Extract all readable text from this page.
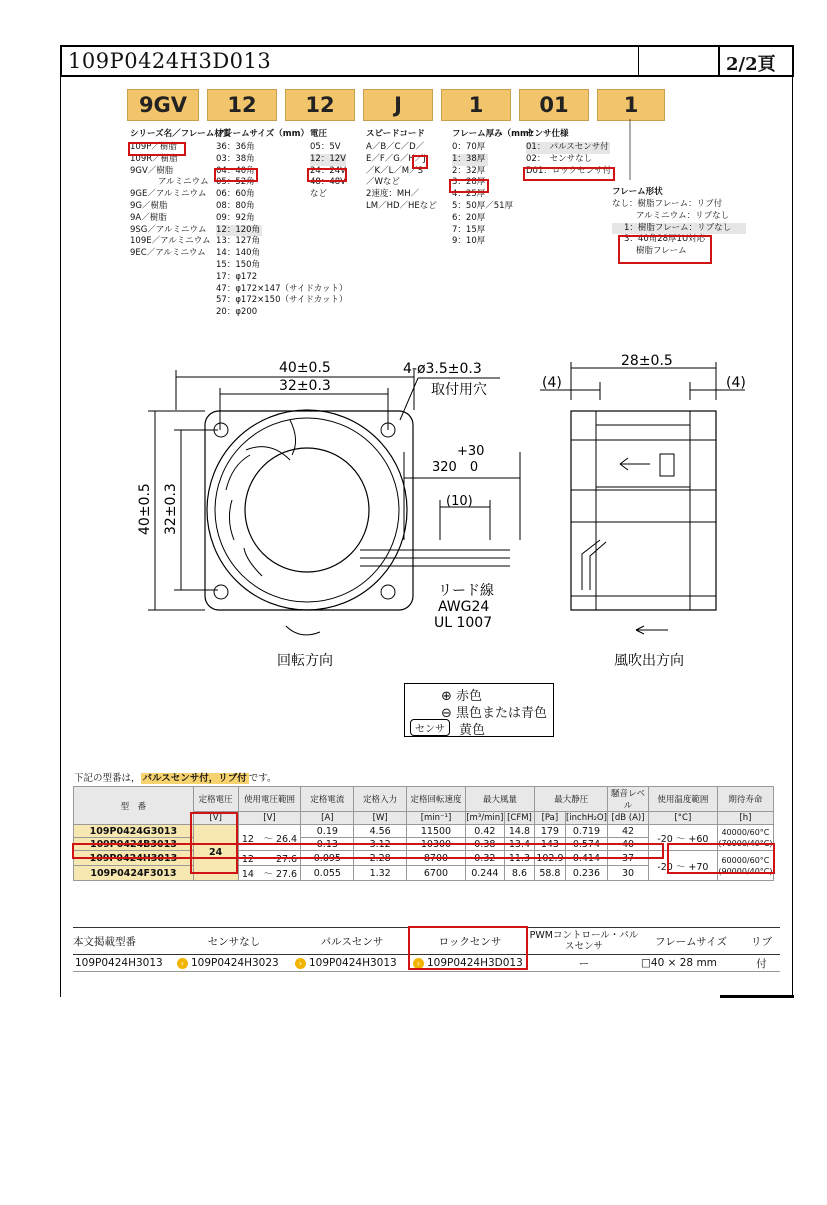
109P0424H3D013	2/2頁
9GV	12	12	J	1	01	1
シリーズ名／フレーム材質
フレームサイズ（mm） 電圧	スピードコード	フレーム厚み（mm）
センサ仕様
109P／樹脂
109R／樹脂
9GV／樹脂
アルミニウム
9GE／アルミニウム
9G／樹脂
9A／樹脂
9SG／アルミニウム
109E／アルミニウム
9EC／アルミニウム
36：36角
03：38角
04：40角
05：52角
06：60角
08：80角
09：92角
12：120角
13：127角
14：140角
15：150角
17：φ172
47：φ172×147（サイドカット）
57：φ172×150（サイドカット）
20：φ200
05：5V
12：12V
24：24V
48：48V
など
A／B／C／D／
E／F／G／H／J
／K／L／M／S
／Wなど
2速度：MH／
LM／HD／HEなど
0：70厚
1：38厚
2：32厚
3：28厚
4：25厚
5：50厚／51厚
6：20厚
7：15厚
9：10厚
01：　パルスセンサ付
02：　センサなし
D01：ロックセンサ付
フレーム形状
なし：樹脂フレーム：リブ付
アルミニウム：リブなし
1：樹脂フレーム：リブなし
3：40角28厚1U対応
樹脂フレーム
40±0.5
32±0.3
40±0.5 32±0.3
4-ø3.5±0.3
取付用穴
+30
320　0
(10)
リード線
AWG24
UL 1007
回転方向
28±0.5
(4)	(4)
風吹出方向
⊕ 赤色
⊖ 黒色または青色
センサ	黄色
下記の型番は， パルスセンサ付，リブ付 です。
型　番	定格電圧	使用電圧範囲	定格電流	定格入力	定格回転速度	最大風量		最大静圧		騒音レベル	使用温度範囲	期待寿命
	[V]	[V]	[A]	[W]	[min⁻¹]	[m³/min]	[CFM]	[Pa]	[inchH₂O]	[dB (A)]	[°C]	[h]
109P0424G3013	24	12　～ 26.4	0.19	4.56	11500	0.42	14.8	179	0.719	42	-20 ～ +60	40000/60°C
(70000/40°C)
109P0424B3013			0.13	3.12	10300	0.38	13.4	143	0.574	40		
109P0424H3013		12　～ 27.6	0.095	2.28	8700	0.32	11.3	102.9	0.414	37	-20 ～ +70	60000/60°C
(90000/40°C)
109P0424F3013		14　～ 27.6	0.055	1.32	6700	0.244	8.6	58.8	0.236	30		
本文掲載型番	センサなし	パルスセンサ	ロックセンサ	PWMコントロール・パルスセンサ	フレームサイズ	リブ
109P0424H3013	› 109P0424H3023	› 109P0424H3013	› 109P0424H3D013	ー	□40 × 28 mm	付
